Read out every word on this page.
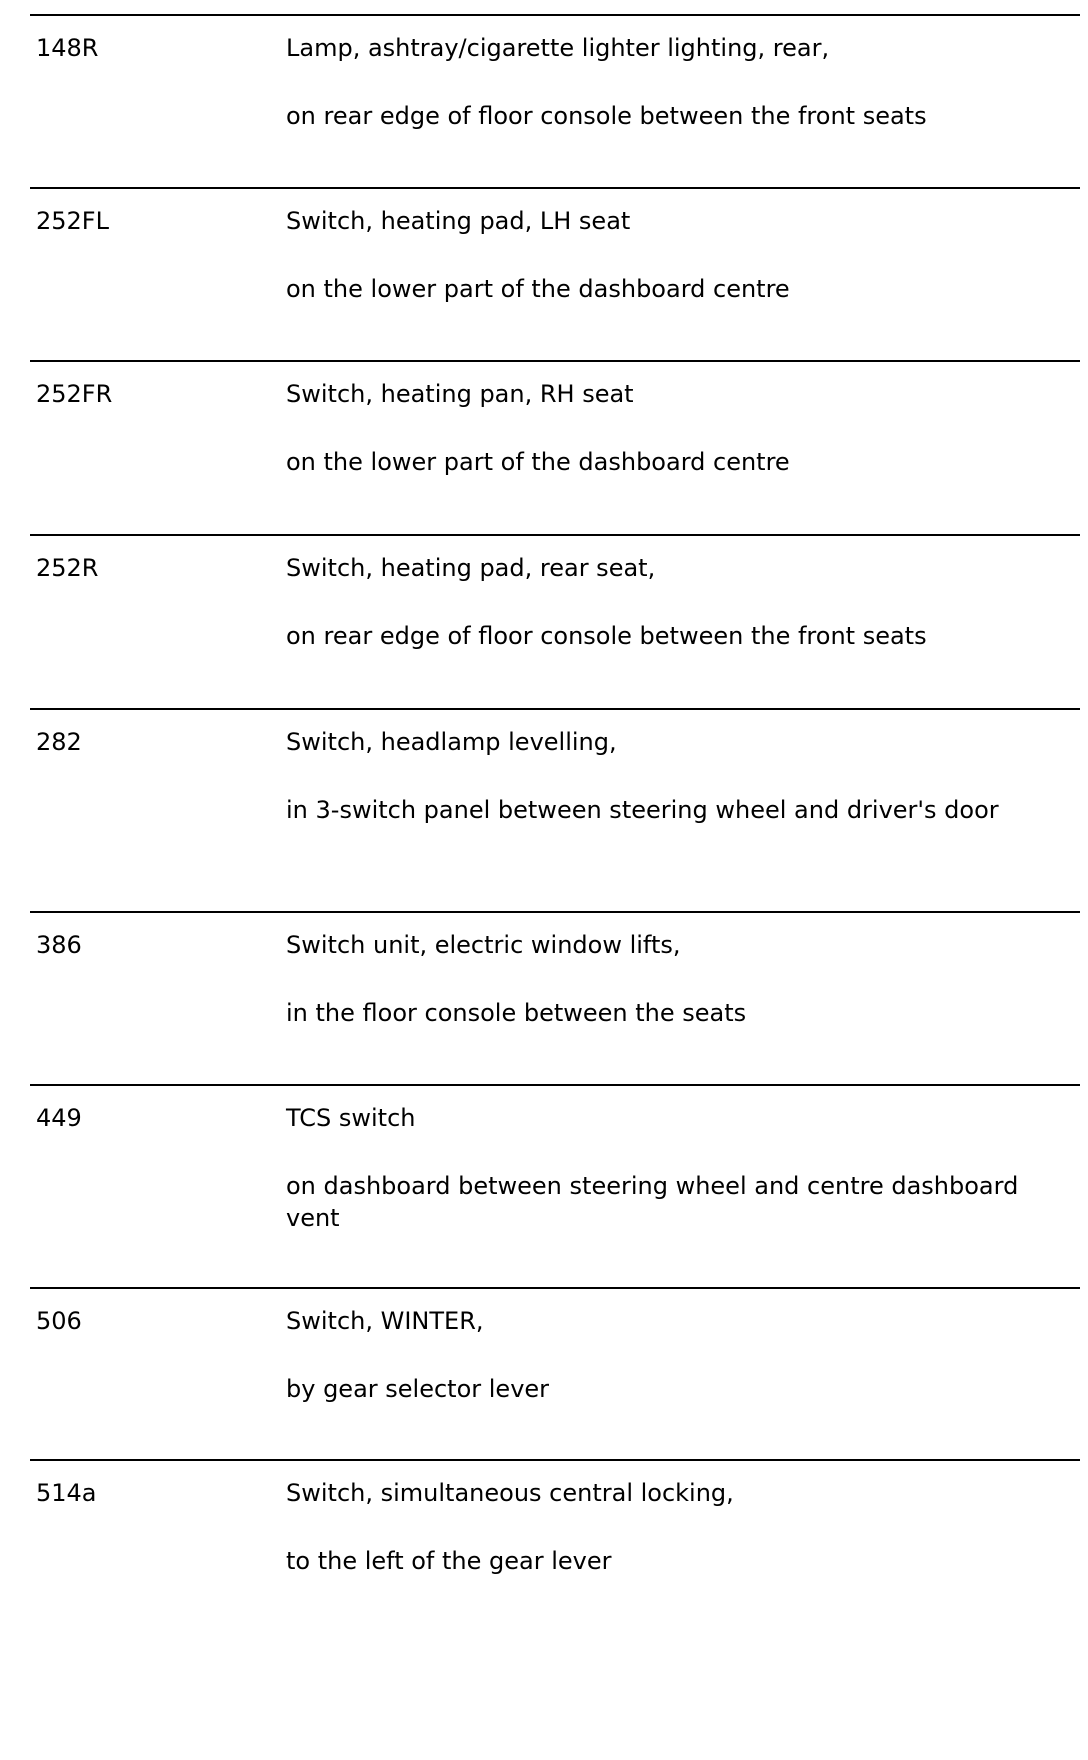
148R	Lamp, ashtray/cigarette lighter lighting, rear,
on rear edge of floor console between the front seats
252FL	Switch, heating pad, LH seat
on the lower part of the dashboard centre
252FR	Switch, heating pan, RH seat
on the lower part of the dashboard centre
252R	Switch, heating pad, rear seat,
on rear edge of floor console between the front seats
282	Switch, headlamp levelling,
in 3-switch panel between steering wheel and driver's door
386	Switch unit, electric window lifts,
in the floor console between the seats
449	TCS switch
on dashboard between steering wheel and centre dashboard vent
506	Switch, WINTER,
by gear selector lever
514a	Switch, simultaneous central locking,
to the left of the gear lever
